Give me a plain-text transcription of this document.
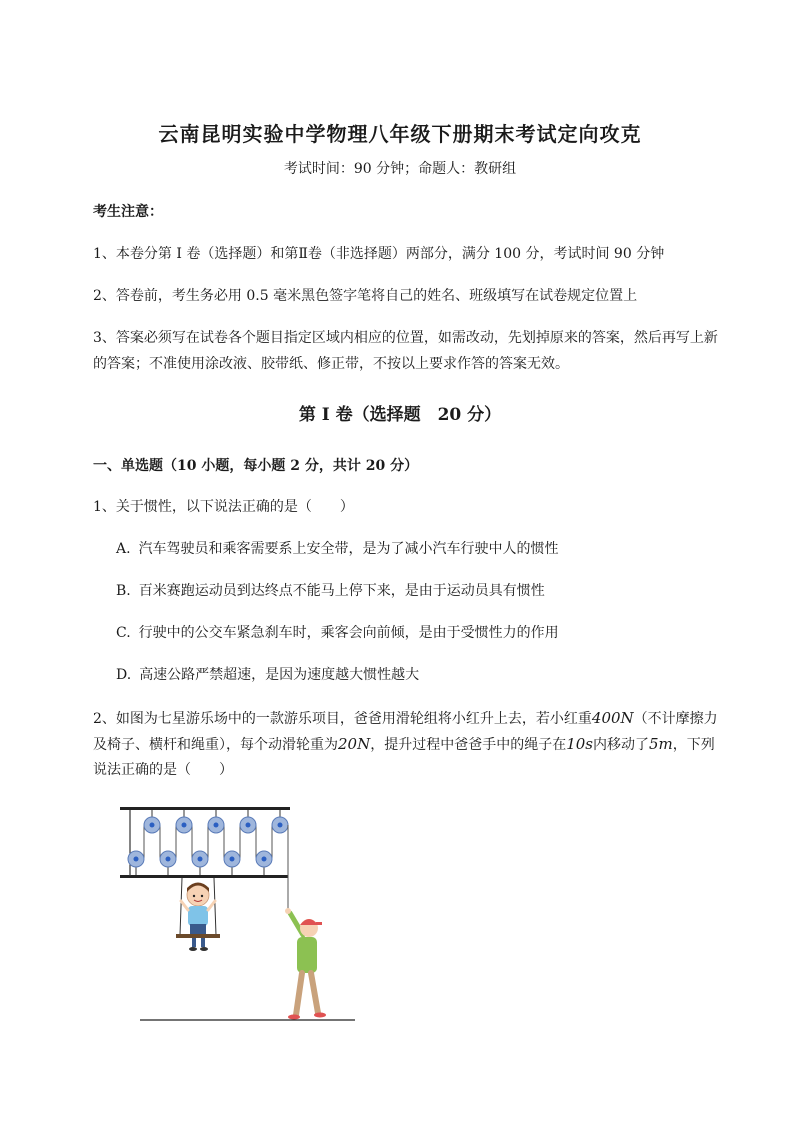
云南昆明实验中学物理八年级下册期末考试定向攻克
考试时间：90 分钟；命题人：教研组
考生注意：
1、本卷分第 I 卷（选择题）和第Ⅱ卷（非选择题）两部分，满分 100 分，考试时间 90 分钟
2、答卷前，考生务必用 0.5 毫米黑色签字笔将自己的姓名、班级填写在试卷规定位置上
3、答案必须写在试卷各个题目指定区域内相应的位置，如需改动，先划掉原来的答案，然后再写上新
的答案；不准使用涂改液、胶带纸、修正带，不按以上要求作答的答案无效。
第 I 卷（选择题　20 分）
一、单选题（10 小题，每小题 2 分，共计 20 分）
1、关于惯性，以下说法正确的是（　　）
A. 汽车驾驶员和乘客需要系上安全带，是为了减小汽车行驶中人的惯性
B. 百米赛跑运动员到达终点不能马上停下来，是由于运动员具有惯性
C. 行驶中的公交车紧急刹车时，乘客会向前倾，是由于受惯性力的作用
D. 高速公路严禁超速，是因为速度越大惯性越大
2、如图为七星游乐场中的一款游乐项目，爸爸用滑轮组将小红升上去，若小红重400N（不计摩擦力
及椅子、横杆和绳重），每个动滑轮重为20N，提升过程中爸爸手中的绳子在10s内移动了5m，下列
说法正确的是（　　）
